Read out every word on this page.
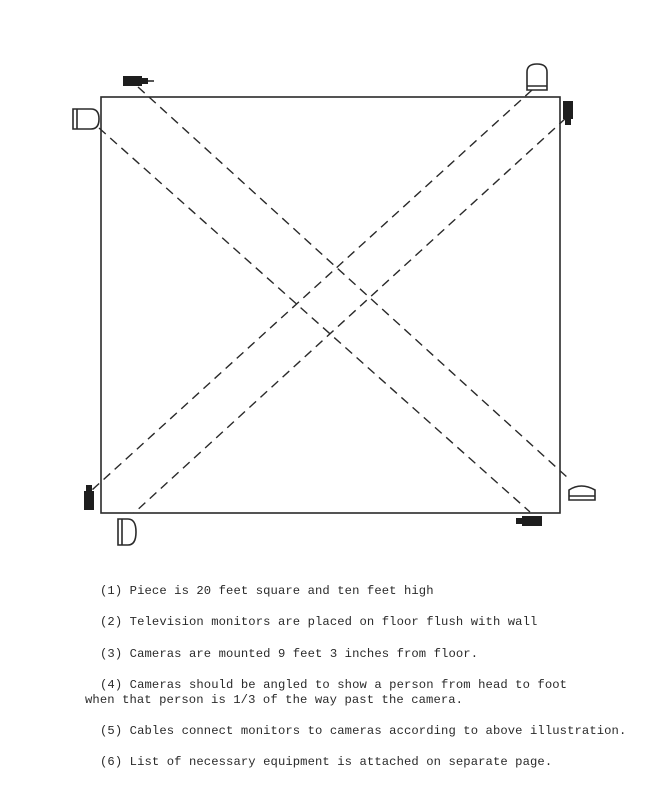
(1) Piece is 20 feet square and ten feet high
(2) Television monitors are placed on floor flush with wall
(3) Cameras are mounted 9 feet 3 inches from floor.
(4) Cameras should be angled to show a person from head to foot
when that person is 1/3 of the way past the camera.
(5) Cables connect monitors to cameras according to above illustration.
(6) List of necessary equipment is attached on separate page.
